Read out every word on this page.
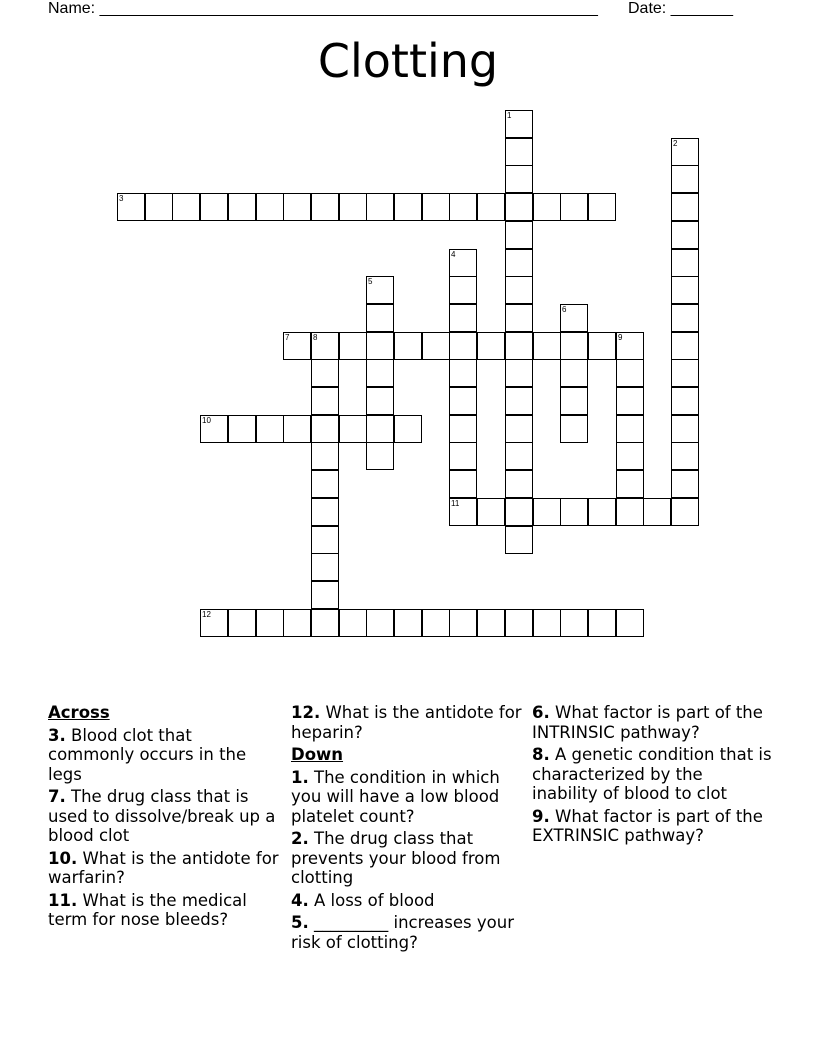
Name: ________________________________________________________ Date: _______
Clotting
1
2
3
4
5
6
7	8	9
10
11
12
Across
3. Blood clot that commonly occurs in the legs
7. The drug class that is used to dissolve/break up a blood clot
10. What is the antidote for warfarin?
11. What is the medical term for nose bleeds?
12. What is the antidote for heparin?
Down
1. The condition in which you will have a low blood platelet count?
2. The drug class that prevents your blood from clotting
4. A loss of blood
5. _________ increases your risk of clotting?
6. What factor is part of the INTRINSIC pathway?
8. A genetic condition that is characterized by the inability of blood to clot
9. What factor is part of the EXTRINSIC pathway?
